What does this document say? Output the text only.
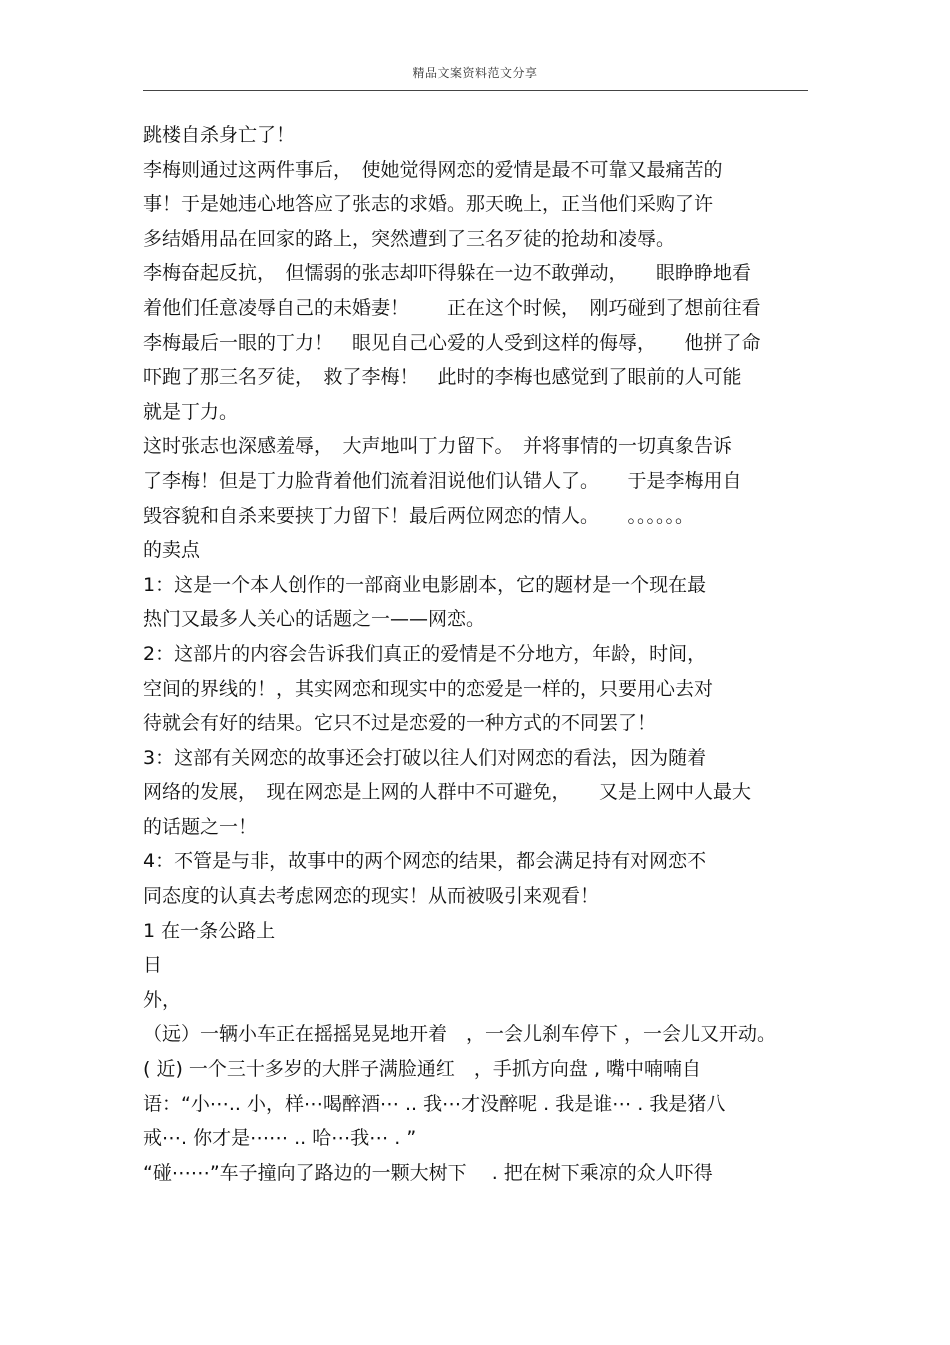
精品文案资料范文分享
跳楼自杀身亡了！
李梅则通过这两件事后，　使她觉得网恋的爱情是最不可靠又最痛苦的
事！于是她违心地答应了张志的求婚。那天晚上，正当他们采购了许
多结婚用品在回家的路上，突然遭到了三名歹徒的抢劫和凌辱。
李梅奋起反抗，　但懦弱的张志却吓得躲在一边不敢弹动，　　眼睁睁地看
着他们任意凌辱自己的未婚妻！　　正在这个时候，　刚巧碰到了想前往看
李梅最后一眼的丁力！　眼见自己心爱的人受到这样的侮辱，　　他拼了命
吓跑了那三名歹徒，　救了李梅！　此时的李梅也感觉到了眼前的人可能
就是丁力。
这时张志也深感羞辱，　大声地叫丁力留下。　并将事情的一切真象告诉
了李梅！但是丁力脸背着他们流着泪说他们认错人了。　　于是李梅用自
毁容貌和自杀来要挟丁力留下！最后两位网恋的情人。　　。。。。。。
的卖点
1：这是一个本人创作的一部商业电影剧本，它的题材是一个现在最
热门又最多人关心的话题之一——网恋。
2：这部片的内容会告诉我们真正的爱情是不分地方，年龄，时间，
空间的界线的！，其实网恋和现实中的恋爱是一样的，只要用心去对
待就会有好的结果。它只不过是恋爱的一种方式的不同罢了！
3：这部有关网恋的故事还会打破以往人们对网恋的看法，因为随着
网络的发展，　现在网恋是上网的人群中不可避免，　　又是上网中人最大
的话题之一！
4：不管是与非，故事中的两个网恋的结果，都会满足持有对网恋不
同态度的认真去考虑网恋的现实！从而被吸引来观看！
1 在一条公路上
日
外，
（远）一辆小车正在摇摇晃晃地开着　，一会儿刹车停下 ，一会儿又开动。
( 近) 一个三十多岁的大胖子满脸通红　，手抓方向盘 , 嘴中喃喃自
语：“小⋯.. 小，样⋯喝醉酒⋯ .. 我⋯才没醉呢 . 我是谁⋯ . 我是猪八
戒⋯. 你才是⋯⋯ .. 哈⋯我⋯ . ”
“碰⋯⋯”车子撞向了路边的一颗大树下　 . 把在树下乘凉的众人吓得
